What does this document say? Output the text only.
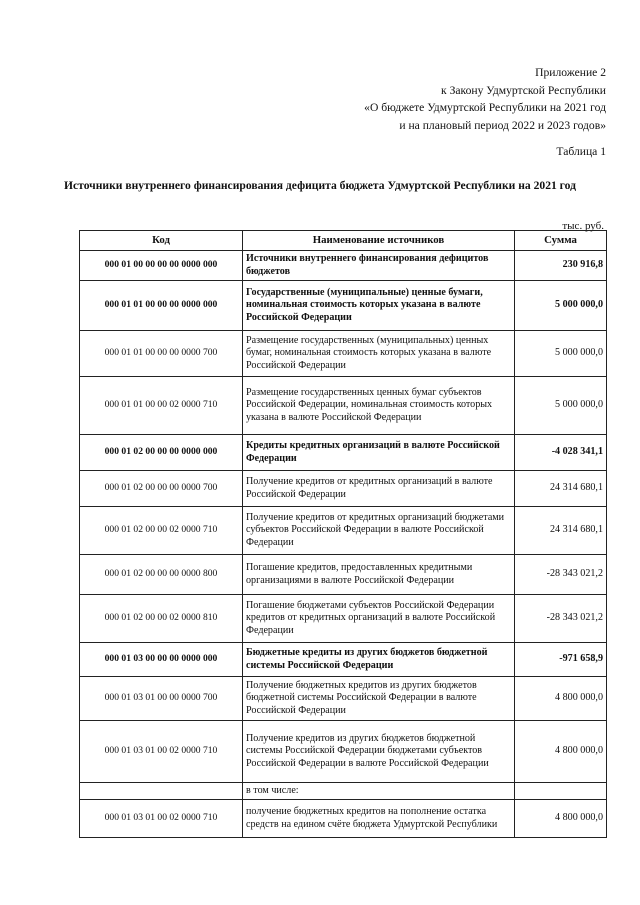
Приложение 2
к Закону Удмуртской Республики
«О бюджете Удмуртской Республики на 2021 год
и на плановый период 2022 и 2023 годов»
Таблица 1
Источники внутреннего финансирования дефицита бюджета Удмуртской Республики на 2021 год
тыс. руб.
Код	Наименование источников	Сумма
000 01 00 00 00 00 0000 000	Источники внутреннего финансирования дефицитов бюджетов	230 916,8
000 01 01 00 00 00 0000 000	Государственные (муниципальные) ценные бумаги, номинальная стоимость которых указана в валюте Российской Федерации	5 000 000,0
000 01 01 00 00 00 0000 700	Размещение государственных (муниципальных) ценных бумаг, номинальная стоимость которых указана в валюте Российской Федерации	5 000 000,0
000 01 01 00 00 02 0000 710	Размещение государственных ценных бумаг субъектов Российской Федерации, номинальная стоимость которых указана в валюте Российской Федерации	5 000 000,0
000 01 02 00 00 00 0000 000	Кредиты кредитных организаций в валюте Российской Федерации	-4 028 341,1
000 01 02 00 00 00 0000 700	Получение кредитов от кредитных организаций в валюте Российской Федерации	24 314 680,1
000 01 02 00 00 02 0000 710	Получение кредитов от кредитных организаций бюджетами субъектов Российской Федерации в валюте Российской Федерации	24 314 680,1
000 01 02 00 00 00 0000 800	Погашение кредитов, предоставленных кредитными организациями в валюте Российской Федерации	-28 343 021,2
000 01 02 00 00 02 0000 810	Погашение бюджетами субъектов Российской Федерации кредитов от кредитных организаций в валюте Российской Федерации	-28 343 021,2
000 01 03 00 00 00 0000 000	Бюджетные кредиты из других бюджетов бюджетной системы Российской Федерации	-971 658,9
000 01 03 01 00 00 0000 700	Получение бюджетных кредитов из других бюджетов бюджетной системы Российской Федерации в валюте Российской Федерации	4 800 000,0
000 01 03 01 00 02 0000 710	Получение кредитов из других бюджетов бюджетной системы Российской Федерации бюджетами субъектов Российской Федерации в валюте Российской Федерации	4 800 000,0
	в том числе:	
000 01 03 01 00 02 0000 710	получение бюджетных кредитов на пополнение остатка средств на едином счёте бюджета Удмуртской Республики	4 800 000,0
